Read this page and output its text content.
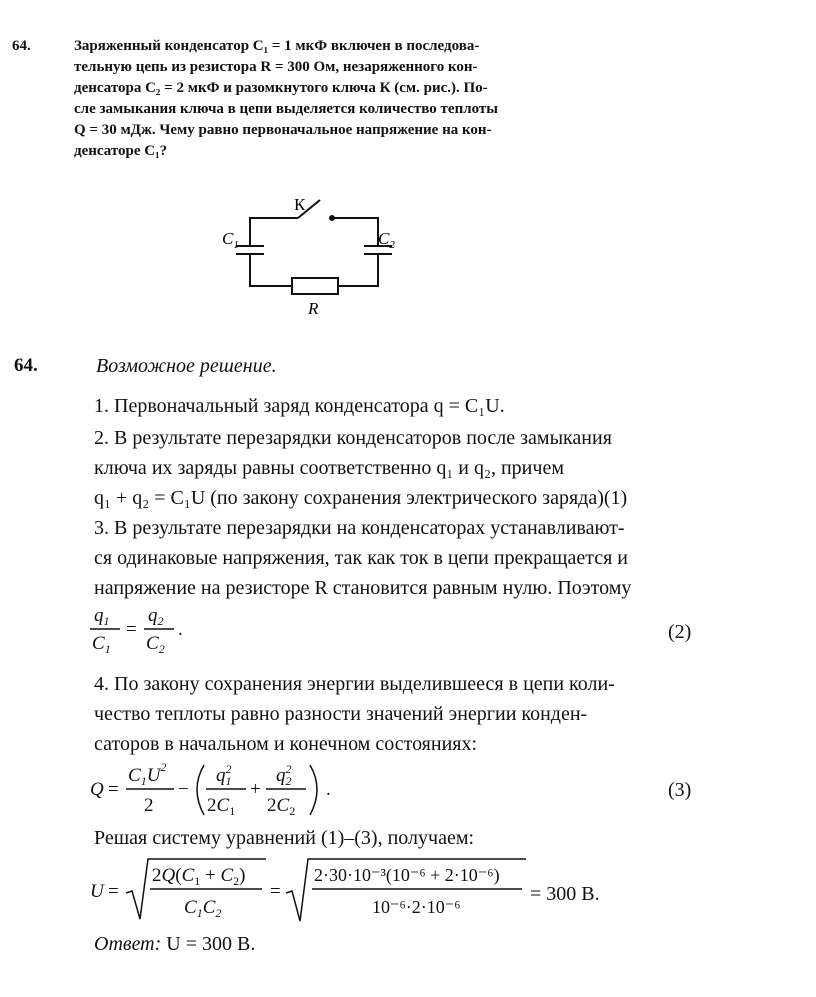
64.	Заряженный конденсатор C₁ = 1 мкФ включен в последова-
тельную цепь из резистора R = 300 Ом, незаряженного кон-
денсатора C₂ = 2 мкФ и разомкнутого ключа К (см. рис.). По-
сле замыкания ключа в цепи выделяется количество теплоты
Q = 30 мДж. Чему равно первоначальное напряжение на кон-
денсаторе C₁?
К
$C_1$	$C_2$
R
64.	Возможное решение.
1. Первоначальный заряд конденсатора q = C₁U.
2. В результате перезарядки конденсаторов после замыкания
ключа их заряды равны соответственно q₁ и q₂, причем
q₁ + q₂ = C₁U (по закону сохранения электрического заряда)(1)
3. В результате перезарядки на конденсаторах устанавливают-
ся одинаковые напряжения, так как ток в цепи прекращается и
напряжение на резисторе R становится равным нулю. Поэтому
$q_1$
$C_1$
=
$q_2$
$C_2$
.	(2)
4. По закону сохранения энергии выделившееся в цепи коли-
чество теплоты равно разности значений энергии конден-
саторов в начальном и конечном состояниях:
Q =
$C_1U^2$
2
−
$q_12$
$2C_1$
+
$q_22$
$2C_2$
.	(3)
Решая систему уравнений (1)–(3), получаем:
U =
$2Q(C_1 + C_2)$
$C_1C_2$
=
2·30·10⁻³(10⁻⁶ + 2·10⁻⁶)
10⁻⁶·2·10⁻⁶
= 300 В.
Ответ: U = 300 В.
